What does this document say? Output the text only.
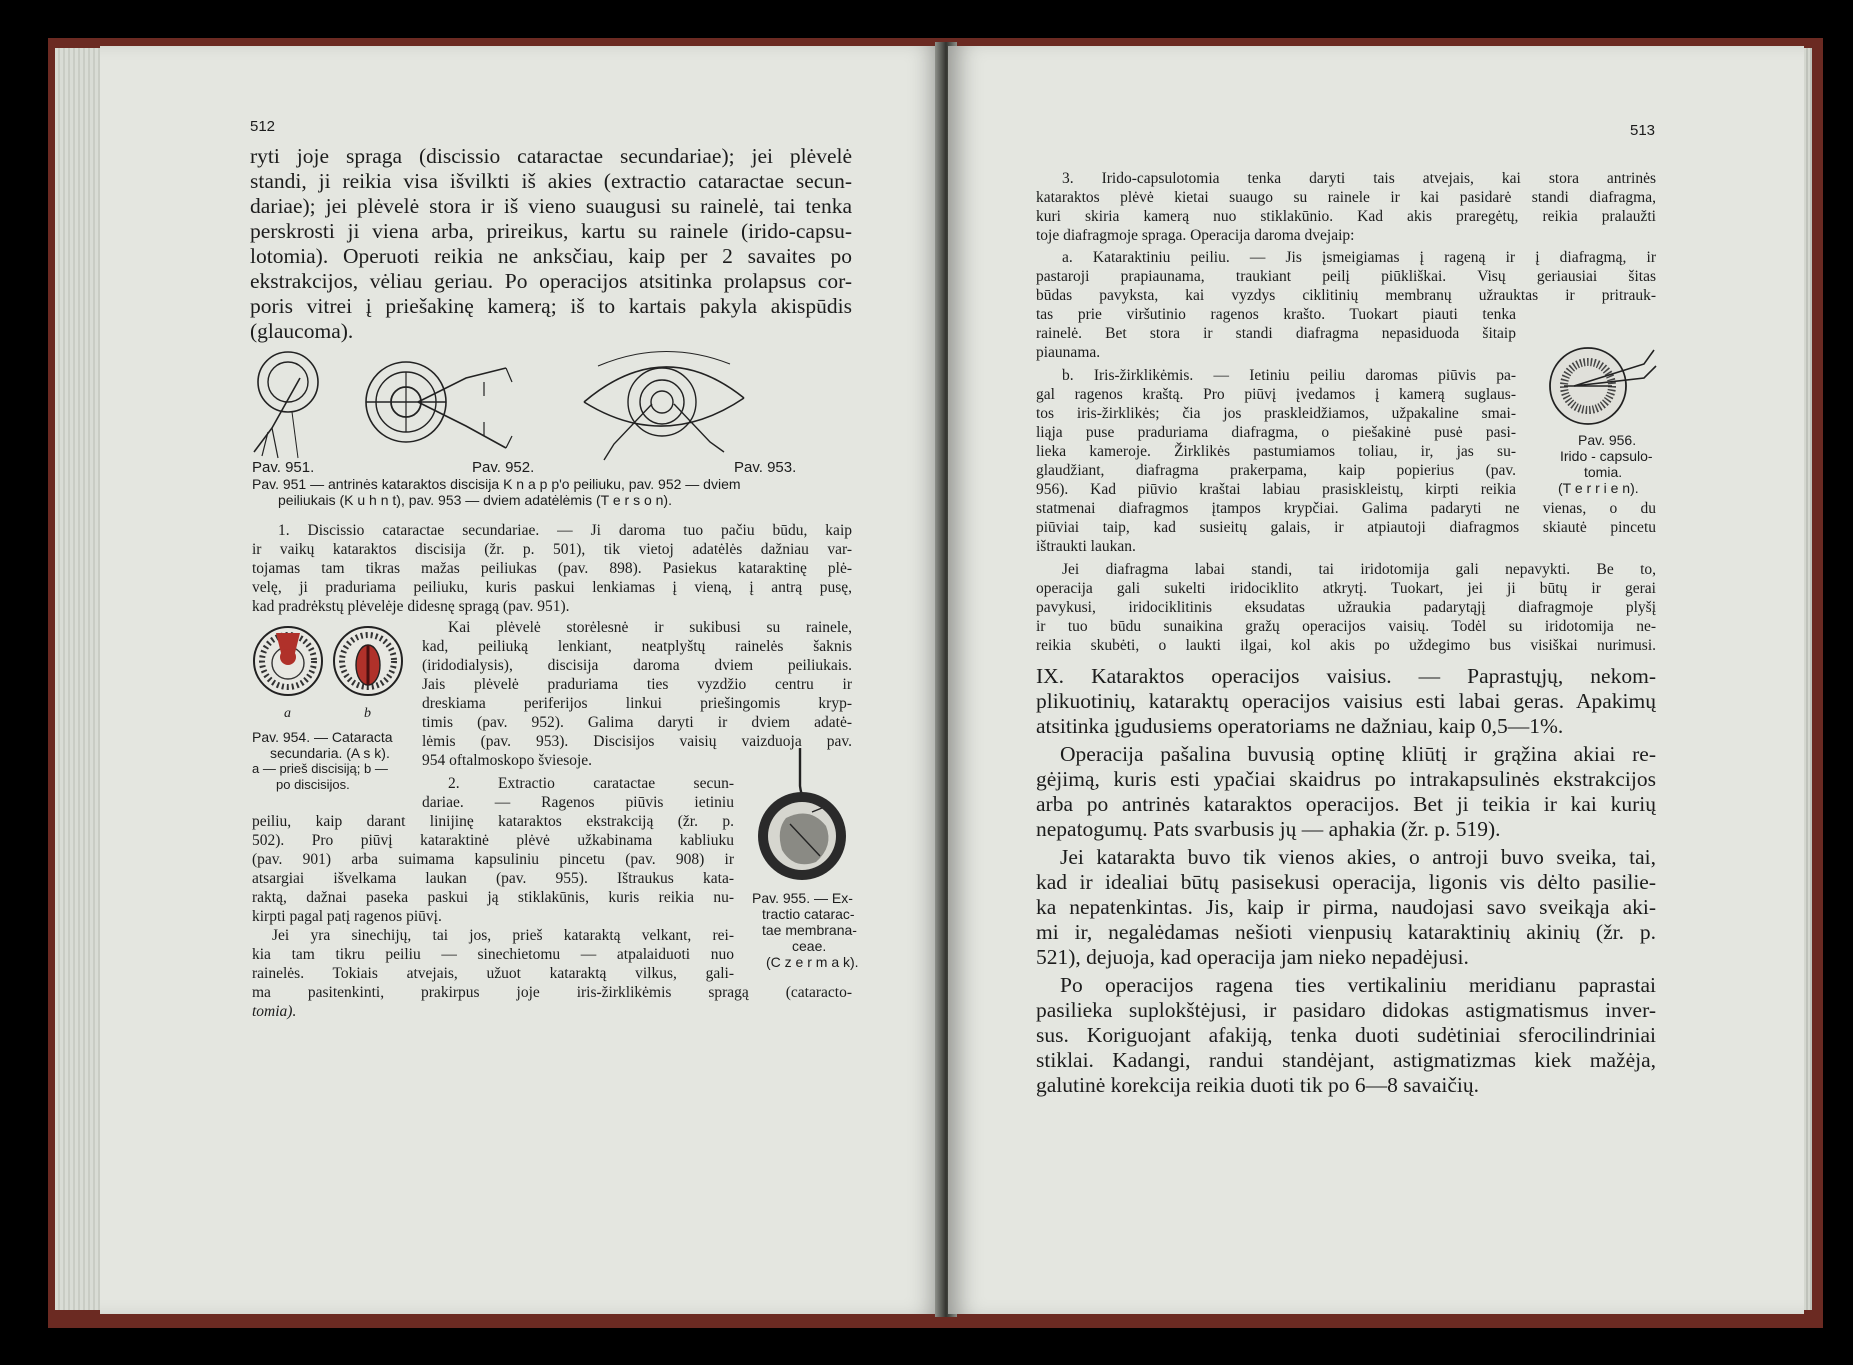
512
ryti joje spraga (discissio cataractae secundariae); jei plėvelė
standi, ji reikia visa išvilkti iš akies (extractio cataractae secun-
dariae); jei plėvelė stora ir iš vieno suaugusi su rainelė, tai tenka
perskrosti ji viena arba, prireikus, kartu su rainele (irido-capsu-
lotomia). Operuoti reikia ne anksčiau, kaip per 2 savaites po
ekstrakcijos, vėliau geriau. Po operacijos atsitinka prolapsus cor-
poris vitrei į priešakinę kamerą; iš to kartais pakyla akispūdis
(glaucoma).
Pav. 951.	Pav. 952.	Pav. 953.
Pav. 951 — antrinės kataraktos discisija K n a p p'o peiliuku, pav. 952 — dviem
peiliukais (K u h n t), pav. 953 — dviem adatėlėmis (T e r s o n).
1. Discissio cataractae secundariae. — Ji daroma tuo pačiu būdu, kaip
ir vaikų kataraktos discisija (žr. p. 501), tik vietoj adatėlės dažniau var-
tojamas tam tikras mažas peiliukas (pav. 898). Pasiekus kataraktinę plė-
velę, ji praduriama peiliuku, kuris paskui lenkiamas į vieną, į antrą pusę,
kad pradrėkstų plėvelėje didesnę spragą (pav. 951).
a	b
Pav. 954. — Cataracta
secundaria. (A s k).
a — prieš discisiją; b —
po discisijos.
Kai plėvelė storėlesnė ir sukibusi su rainele,
kad, peiliuką lenkiant, neatplyštų rainelės šaknis
(iridodialysis), discisija daroma dviem peiliukais.
Jais plėvelė praduriama ties vyzdžio centru ir
dreskiama periferijos linkui priešingomis kryp-
timis (pav. 952). Galima daryti ir dviem adatė-
lėmis (pav. 953). Discisijos vaisių vaizduoja pav.
954 oftalmoskopo šviesoje.
2. Extractio caratactae secun-
dariae. — Ragenos piūvis ietiniu
peiliu, kaip darant linijinę kataraktos ekstrakciją (žr. p.
502). Pro piūvį kataraktinė plėvė užkabinama kabliuku
(pav. 901) arba suimama kapsuliniu pincetu (pav. 908) ir
atsargiai išvelkama laukan (pav. 955). Ištraukus kata-
raktą, dažnai paseka paskui ją stiklakūnis, kuris reikia nu-
kirpti pagal patį ragenos piūvį.
Jei yra sinechijų, tai jos, prieš kataraktą velkant, rei-
kia tam tikru peiliu — sinechietomu — atpalaiduoti nuo
rainelės. Tokiais atvejais, užuot kataraktą vilkus, gali-
ma pasitenkinti, prakirpus joje iris-žirklikėmis spragą (cataracto-
tomia).
Pav. 955. — Ex-
tractio catarac-
tae membrana-
ceae.
(C z e r m a k).
513
3. Irido-capsulotomia tenka daryti tais atvejais, kai stora antrinės
kataraktos plėvė kietai suaugo su rainele ir kai pasidarė standi diafragma,
kuri skiria kamerą nuo stiklakūnio. Kad akis praregėtų, reikia pralaužti
toje diafragmoje spraga. Operacija daroma dvejaip:
a. Kataraktiniu peiliu. — Jis įsmeigiamas į rageną ir į diafragmą, ir
pastaroji prapiaunama, traukiant peilį piūkliškai. Visų geriausiai šitas
būdas pavyksta, kai vyzdys ciklitinių membranų užrauktas ir pritrauk-
tas prie viršutinio ragenos krašto. Tuokart piauti tenka
rainelė. Bet stora ir standi diafragma nepasiduoda šitaip
piaunama.
b. Iris-žirklikėmis. — Ietiniu peiliu daromas piūvis pa-
gal ragenos kraštą. Pro piūvį įvedamos į kamerą suglaus-
tos iris-žirklikės; čia jos praskleidžiamos, užpakaline smai-
liąja puse praduriama diafragma, o piešakinė pusė pasi-
lieka kameroje. Žirklikės pastumiamos toliau, ir, jas su-
glaudžiant, diafragma prakerpama, kaip popierius (pav.
956). Kad piūvio kraštai labiau prasiskleistų, kirpti reikia
statmenai diafragmos įtampos krypčiai. Galima padaryti ne vienas, o du
piūviai taip, kad susieitų galais, ir atpiautoji diafragmos skiautė pincetu
ištraukti laukan.
Jei diafragma labai standi, tai iridotomija gali nepavykti. Be to,
operacija gali sukelti iridociklito atkrytį. Tuokart, jei ji būtų ir gerai
pavykusi, iridociklitinis eksudatas užraukia padarytąjį diafragmoje plyšį
ir tuo būdu sunaikina gražų operacijos vaisių. Todėl su iridotomija ne-
reikia skubėti, o laukti ilgai, kol akis po uždegimo bus visiškai nurimusi.
Pav. 956.
Irido - capsulo-
tomia.
(T e r r i e n).
IX. Kataraktos operacijos vaisius. — Paprastųjų, nekom-
plikuotinių, kataraktų operacijos vaisius esti labai geras. Apakimų
atsitinka įgudusiems operatoriams ne dažniau, kaip 0,5—1%.
Operacija pašalina buvusią optinę kliūtį ir grąžina akiai re-
gėjimą, kuris esti ypačiai skaidrus po intrakapsulinės ekstrakcijos
arba po antrinės kataraktos operacijos. Bet ji teikia ir kai kurių
nepatogumų. Pats svarbusis jų — aphakia (žr. p. 519).
Jei katarakta buvo tik vienos akies, o antroji buvo sveika, tai,
kad ir idealiai būtų pasisekusi operacija, ligonis vis dėlto pasilie-
ka nepatenkintas. Jis, kaip ir pirma, naudojasi savo sveikąja aki-
mi ir, negalėdamas nešioti vienpusių kataraktinių akinių (žr. p.
521), dejuoja, kad operacija jam nieko nepadėjusi.
Po operacijos ragena ties vertikaliniu meridianu paprastai
pasilieka suplokštėjusi, ir pasidaro didokas astigmatismus inver-
sus. Koriguojant afakiją, tenka duoti sudėtiniai sferocilindriniai
stiklai. Kadangi, randui standėjant, astigmatizmas kiek mažėja,
galutinė korekcija reikia duoti tik po 6—8 savaičių.
